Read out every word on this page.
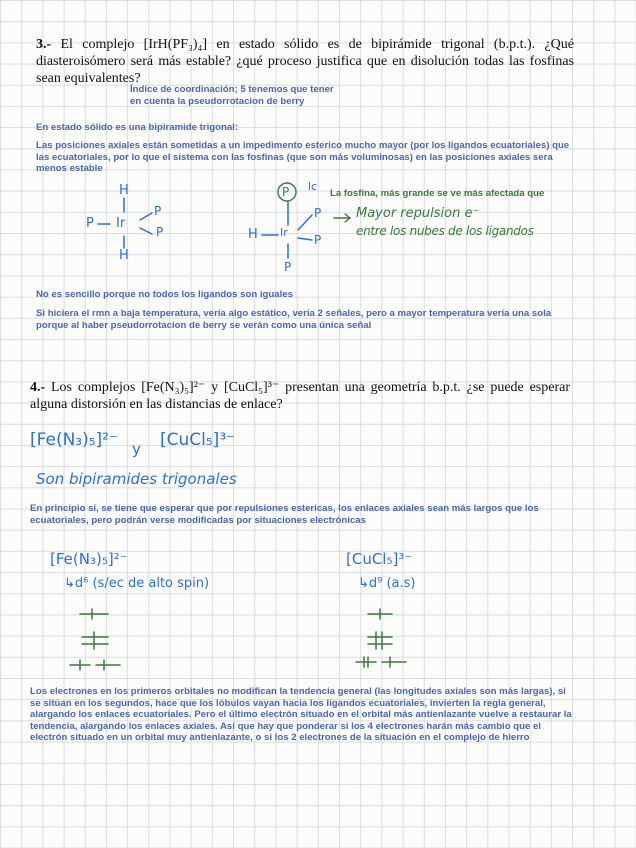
3.- El complejo [IrH(PF₃)₄] en estado sólido es de bipirámide trigonal (b.p.t.). ¿Qué diasteroisómero será más estable? ¿qué proceso justifica que en disolución todas las fosfinas sean equivalentes?
Índice de coordinación; 5 tenemos que tener en cuenta la pseudorrotacion de berry
En estado sólido es una bipiramide trigonal:
Las posiciones axiales están sometidas a un impedimento esterico mucho mayor (por los ligandos ecuatoriales) que las ecuatoriales, por lo que el sistema con las fosfinas (que son más voluminosas) en las posiciones axiales sera menos estable
H
P Ir
P
P
H
P lc
H Ir
P
P
P
La fosfina, más grande se ve más afectada que
Mayor repulsion e⁻
entre los nubes de los ligandos
No es sencillo porque no todos los ligandos son iguales
Si hiciera el rmn a baja temperatura, vería algo estático, vería 2 señales, pero a mayor temperatura vería una sola porque al haber pseudorrotacion de berry se verán como una única señal
4.- Los complejos [Fe(N₃)₅]²⁻ y [CuCl₅]³⁻ presentan una geometría b.p.t. ¿se puede esperar alguna distorsión en las distancias de enlace?
[Fe(N₃)₅]²⁻ y [CuCl₅]³⁻
Son bipiramides trigonales
En principio sí, se tiene que esperar que por repulsiones estericas, los enlaces axiales sean más largos que los ecuatoriales, pero podrán verse modificadas por situaciones electrónicas
[Fe(N₃)₅]²⁻
↳d⁶ (s/ec de alto spin)
[CuCl₅]³⁻
↳d⁹ (a.s)
Los electrones en los primeros orbitales no modifican la tendencia general (las longitudes axiales son más largas), si se sitúan en los segundos, hace que los lóbulos vayan hacia los ligandos ecuatoriales, invierten la regla general, alargando los enlaces ecuatoriales. Pero el último electrón situado en el orbital más antienlazante vuelve a restaurar la tendencia, alargando los enlaces axiales. Así que hay que ponderar si los 4 electrones harán más cambio que el electrón situado en un orbital muy antienlazante, o si los 2 electrones de la situación en el complejo de hierro
